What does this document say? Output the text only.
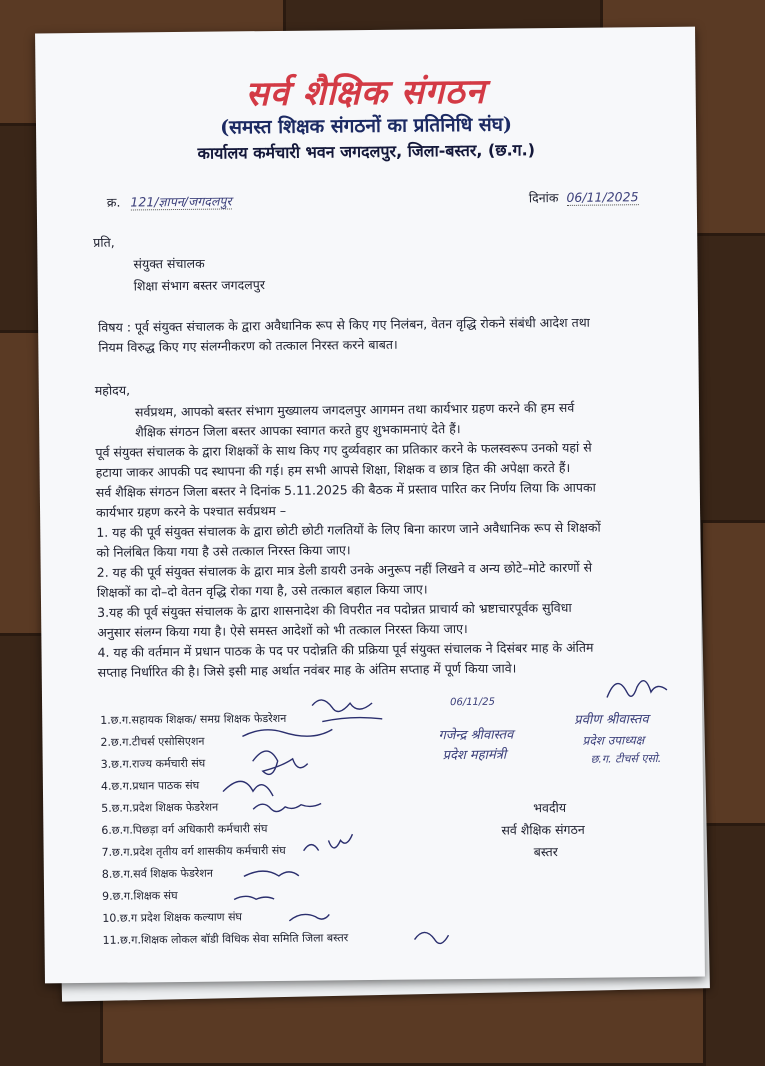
सर्व शैक्षिक संगठन
(समस्त शिक्षक संगठनों का प्रतिनिधि संघ)
कार्यालय कर्मचारी भवन जगदलपुर, जिला-बस्तर, (छ.ग.)
क्र. 121/ज्ञापन/जगदलपुर	दिनांक 06/11/2025
प्रति,
संयुक्त संचालक
शिक्षा संभाग बस्तर जगदलपुर
विषय : पूर्व संयुक्त संचालक के द्वारा अवैधानिक रूप से किए गए निलंबन, वेतन वृद्धि रोकने संबंधी आदेश तथा
नियम विरुद्ध किए गए संलग्नीकरण को तत्काल निरस्त करने बाबत।
महोदय,
सर्वप्रथम, आपको बस्तर संभाग मुख्यालय जगदलपुर आगमन तथा कार्यभार ग्रहण करने की हम सर्व
शैक्षिक संगठन जिला बस्तर आपका स्वागत करते हुए शुभकामनाएं देते हैं।
पूर्व संयुक्त संचालक के द्वारा शिक्षकों के साथ किए गए दुर्व्यवहार का प्रतिकार करने के फलस्वरूप उनको यहां से
हटाया जाकर आपकी पद स्थापना की गई। हम सभी आपसे शिक्षा, शिक्षक व छात्र हित की अपेक्षा करते हैं।
सर्व शैक्षिक संगठन जिला बस्तर ने दिनांक 5.11.2025 की बैठक में प्रस्ताव पारित कर निर्णय लिया कि आपका
कार्यभार ग्रहण करने के पश्चात सर्वप्रथम –
1. यह की पूर्व संयुक्त संचालक के द्वारा छोटी छोटी गलतियों के लिए बिना कारण जाने अवैधानिक रूप से शिक्षकों
को निलंबित किया गया है उसे तत्काल निरस्त किया जाए।
2. यह की पूर्व संयुक्त संचालक के द्वारा मात्र डेली डायरी उनके अनुरूप नहीं लिखने व अन्य छोटे–मोटे कारणों से
शिक्षकों का दो–दो वेतन वृद्धि रोका गया है, उसे तत्काल बहाल किया जाए।
3.यह की पूर्व संयुक्त संचालक के द्वारा शासनादेश की विपरीत नव पदोन्नत प्राचार्य को भ्रष्टाचारपूर्वक सुविधा
अनुसार संलग्न किया गया है। ऐसे समस्त आदेशों को भी तत्काल निरस्त किया जाए।
4. यह की वर्तमान में प्रधान पाठक के पद पर पदोन्नति की प्रक्रिया पूर्व संयुक्त संचालक ने दिसंबर माह के अंतिम
सप्ताह निर्धारित की है। जिसे इसी माह अर्थात नवंबर माह के अंतिम सप्ताह में पूर्ण किया जावे।
1.छ.ग.सहायक शिक्षक/ समग्र शिक्षक फेडरेशन
2.छ.ग.टीचर्स एसोसिएशन
3.छ.ग.राज्य कर्मचारी संघ
4.छ.ग.प्रधान पाठक संघ
5.छ.ग.प्रदेश शिक्षक फेडरेशन
6.छ.ग.पिछड़ा वर्ग अधिकारी कर्मचारी संघ
7.छ.ग.प्रदेश तृतीय वर्ग शासकीय कर्मचारी संघ
8.छ.ग.सर्व शिक्षक फेडरेशन
9.छ.ग.शिक्षक संघ
10.छ.ग प्रदेश शिक्षक कल्याण संघ
11.छ.ग.शिक्षक लोकल बॉडी विधिक सेवा समिति जिला बस्तर
06/11/25
गजेन्द्र श्रीवास्तव
प्रदेश महामंत्री
प्रवीण श्रीवास्तव
प्रदेश उपाध्यक्ष
छ.ग. टीचर्स एसो.
भवदीय
सर्व शैक्षिक संगठन
बस्तर
